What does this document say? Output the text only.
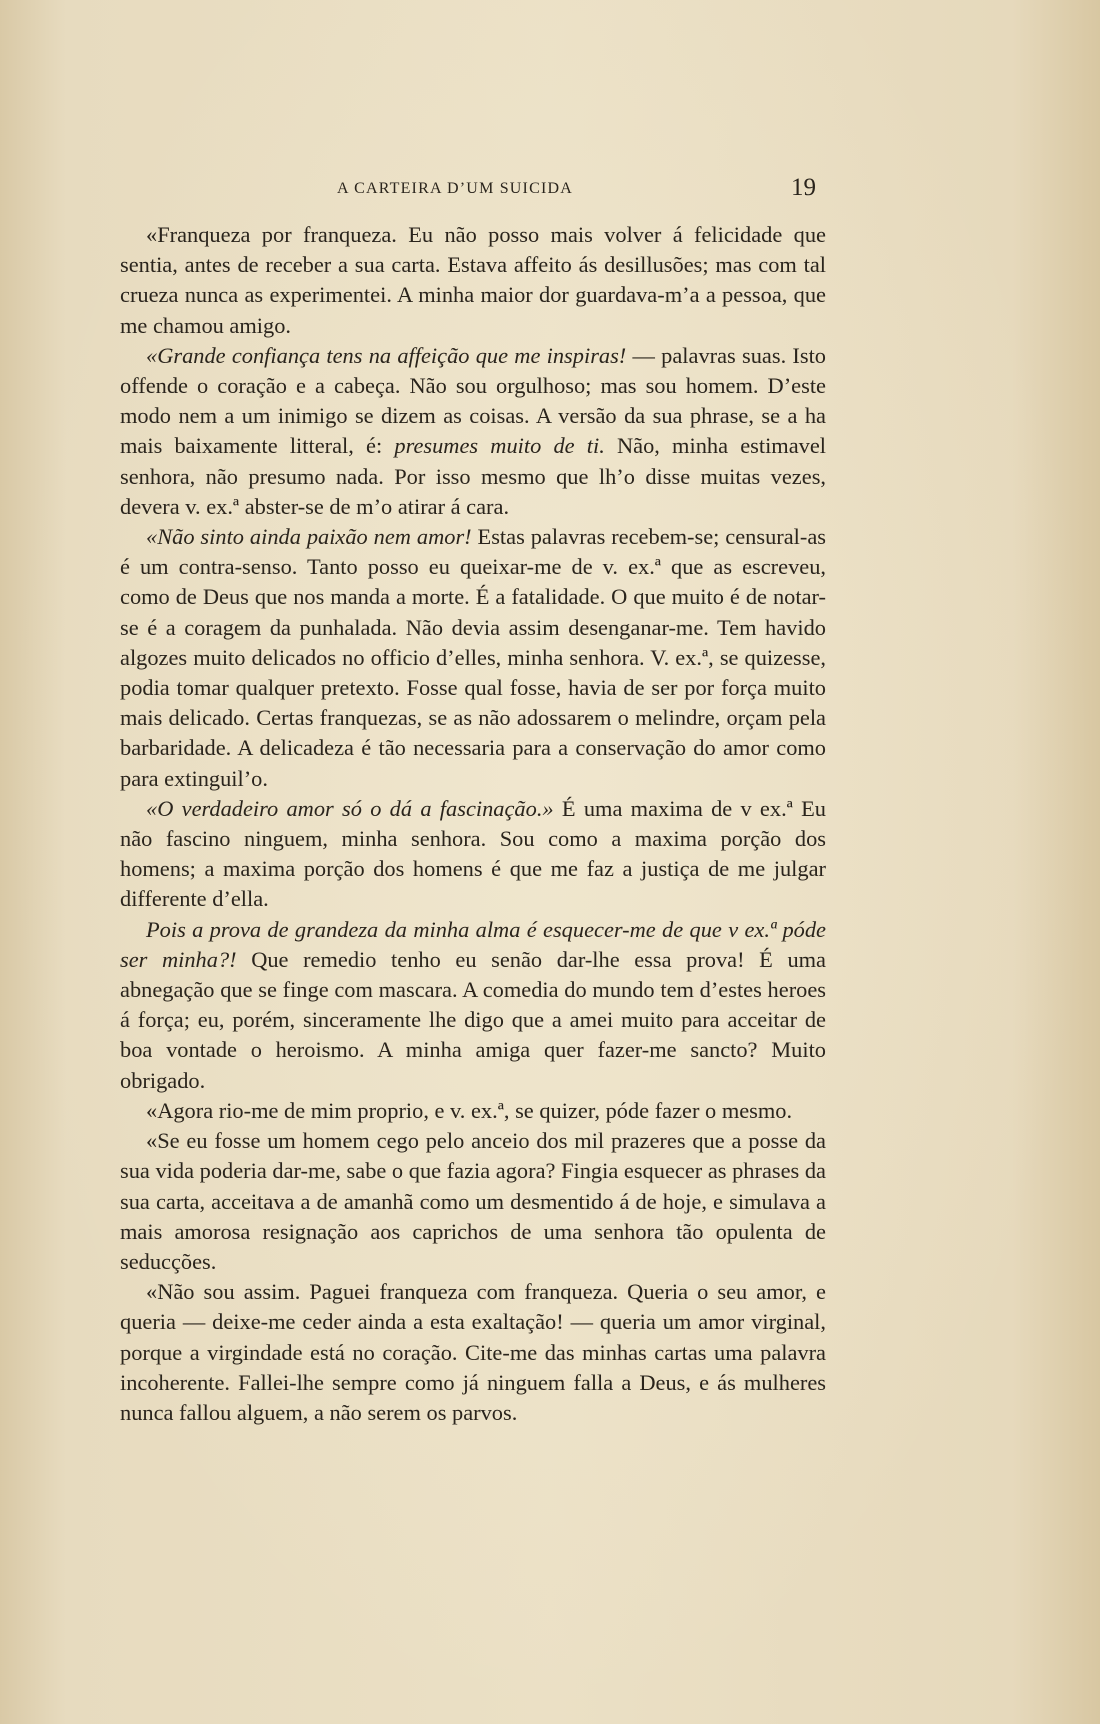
A CARTEIRA D’UM SUICIDA	19

«Franqueza por franqueza. Eu não posso mais volver á felicidade que sentia, antes de receber a sua carta. Estava affeito ás desillusões; mas com tal crueza nunca as experimentei. A minha maior dor guardava-m’a a pessoa, que me chamou amigo.

«Grande confiança tens na affeição que me inspiras! — palavras suas. Isto offende o coração e a cabeça. Não sou orgulhoso; mas sou homem. D’este modo nem a um inimigo se dizem as coisas. A versão da sua phrase, se a ha mais baixamente litteral, é: presumes muito de ti. Não, minha estimavel senhora, não presumo nada. Por isso mesmo que lh’o disse muitas vezes, devera v. ex.ª abster-se de m’o atirar á cara.

«Não sinto ainda paixão nem amor! Estas palavras recebem-se; censural-as é um contra-senso. Tanto posso eu queixar-me de v. ex.ª que as escreveu, como de Deus que nos manda a morte. É a fatalidade. O que muito é de notar-se é a coragem da punhalada. Não devia assim desenganar-me. Tem havido algozes muito delicados no officio d’elles, minha senhora. V. ex.ª, se quizesse, podia tomar qualquer pretexto. Fosse qual fosse, havia de ser por força muito mais delicado. Certas franquezas, se as não adossarem o melindre, orçam pela barbaridade. A delicadeza é tão necessaria para a conservação do amor como para extinguil’o.

«O verdadeiro amor só o dá a fascinação.» É uma maxima de v ex.ª Eu não fascino ninguem, minha senhora. Sou como a maxima porção dos homens; a maxima porção dos homens é que me faz a justiça de me julgar differente d’ella.

Pois a prova de grandeza da minha alma é esquecer-me de que v ex.ª póde ser minha?! Que remedio tenho eu senão dar-lhe essa prova! É uma abnegação que se finge com mascara. A comedia do mundo tem d’estes heroes á força; eu, porém, sinceramente lhe digo que a amei muito para acceitar de boa vontade o heroismo. A minha amiga quer fazer-me sancto? Muito obrigado.

«Agora rio-me de mim proprio, e v. ex.ª, se quizer, póde fazer o mesmo.

«Se eu fosse um homem cego pelo anceio dos mil prazeres que a posse da sua vida poderia dar-me, sabe o que fazia agora? Fingia esquecer as phrases da sua carta, acceitava a de amanhã como um desmentido á de hoje, e simulava a mais amorosa resignação aos caprichos de uma senhora tão opulenta de seducções.

«Não sou assim. Paguei franqueza com franqueza. Queria o seu amor, e queria — deixe-me ceder ainda a esta exaltação! — queria um amor virginal, porque a virgindade está no coração. Cite-me das minhas cartas uma palavra incoherente. Fallei-lhe sempre como já ninguem falla a Deus, e ás mulheres nunca fallou alguem, a não serem os parvos.
